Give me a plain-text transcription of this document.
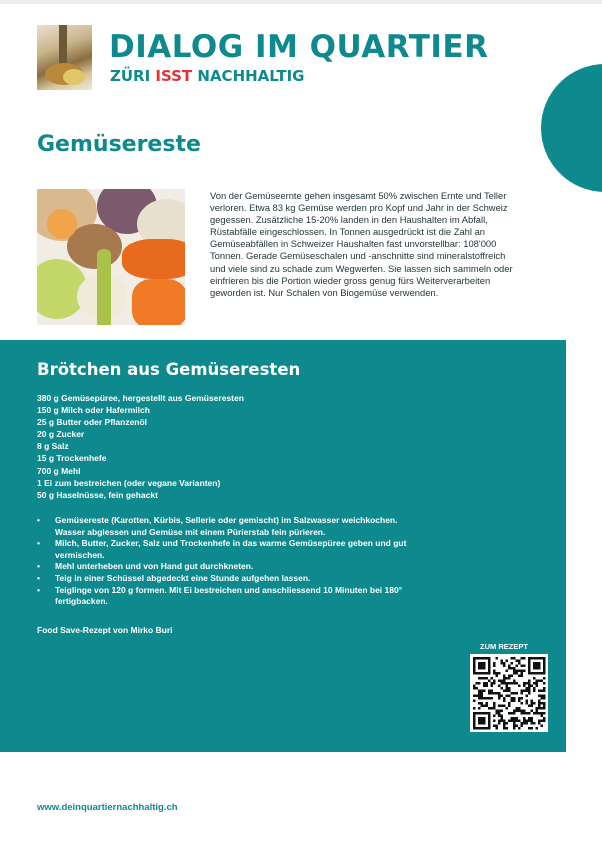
DIALOG IM QUARTIER
ZÜRI ISST NACHHALTIG
Gemüsereste

Von der Gemüseernte gehen insgesamt 50% zwischen Ernte und Teller verloren. Etwa 83 kg Gemüse werden pro Kopf und Jahr in der Schweiz gegessen. Zusätzliche 15-20% landen in den Haushalten im Abfall, Rüstabfälle eingeschlossen. In Tonnen ausgedrückt ist die Zahl an Gemüseabfällen in Schweizer Haushalten fast unvorstellbar: 108'000 Tonnen. Gerade Gemüseschalen und -anschnitte sind mineralstoffreich und viele sind zu schade zum Wegwerfen. Sie lassen sich sammeln oder einfrieren bis die Portion wieder gross genug fürs Weiterverarbeiten geworden ist. Nur Schalen von Biogemüse verwenden.

Brötchen aus Gemüseresten
380 g Gemüsepüree, hergestellt aus Gemüseresten
150 g Milch oder Hafermilch
25 g Butter oder Pflanzenöl
20 g Zucker
8 g Salz
15 g Trockenhefe
700 g Mehl
1 Ei zum bestreichen (oder vegane Varianten)
50 g Haselnüsse, fein gehackt
• Gemüsereste (Karotten, Kürbis, Sellerie oder gemischt) im Salzwasser weichkochen. Wasser abgiessen und Gemüse mit einem Pürierstab fein pürieren.
• Milch, Butter, Zucker, Salz und Trockenhefe in das warme Gemüsepüree geben und gut vermischen.
• Mehl unterheben und von Hand gut durchkneten.
• Teig in einer Schüssel abgedeckt eine Stunde aufgehen lassen.
• Teiglinge von 120 g formen. Mit Ei bestreichen und anschliessend 10 Minuten bei 180° fertigbacken.

Food Save-Rezept von Mirko Buri

ZUM REZEPT
www.deinquartiernachhaltig.ch
